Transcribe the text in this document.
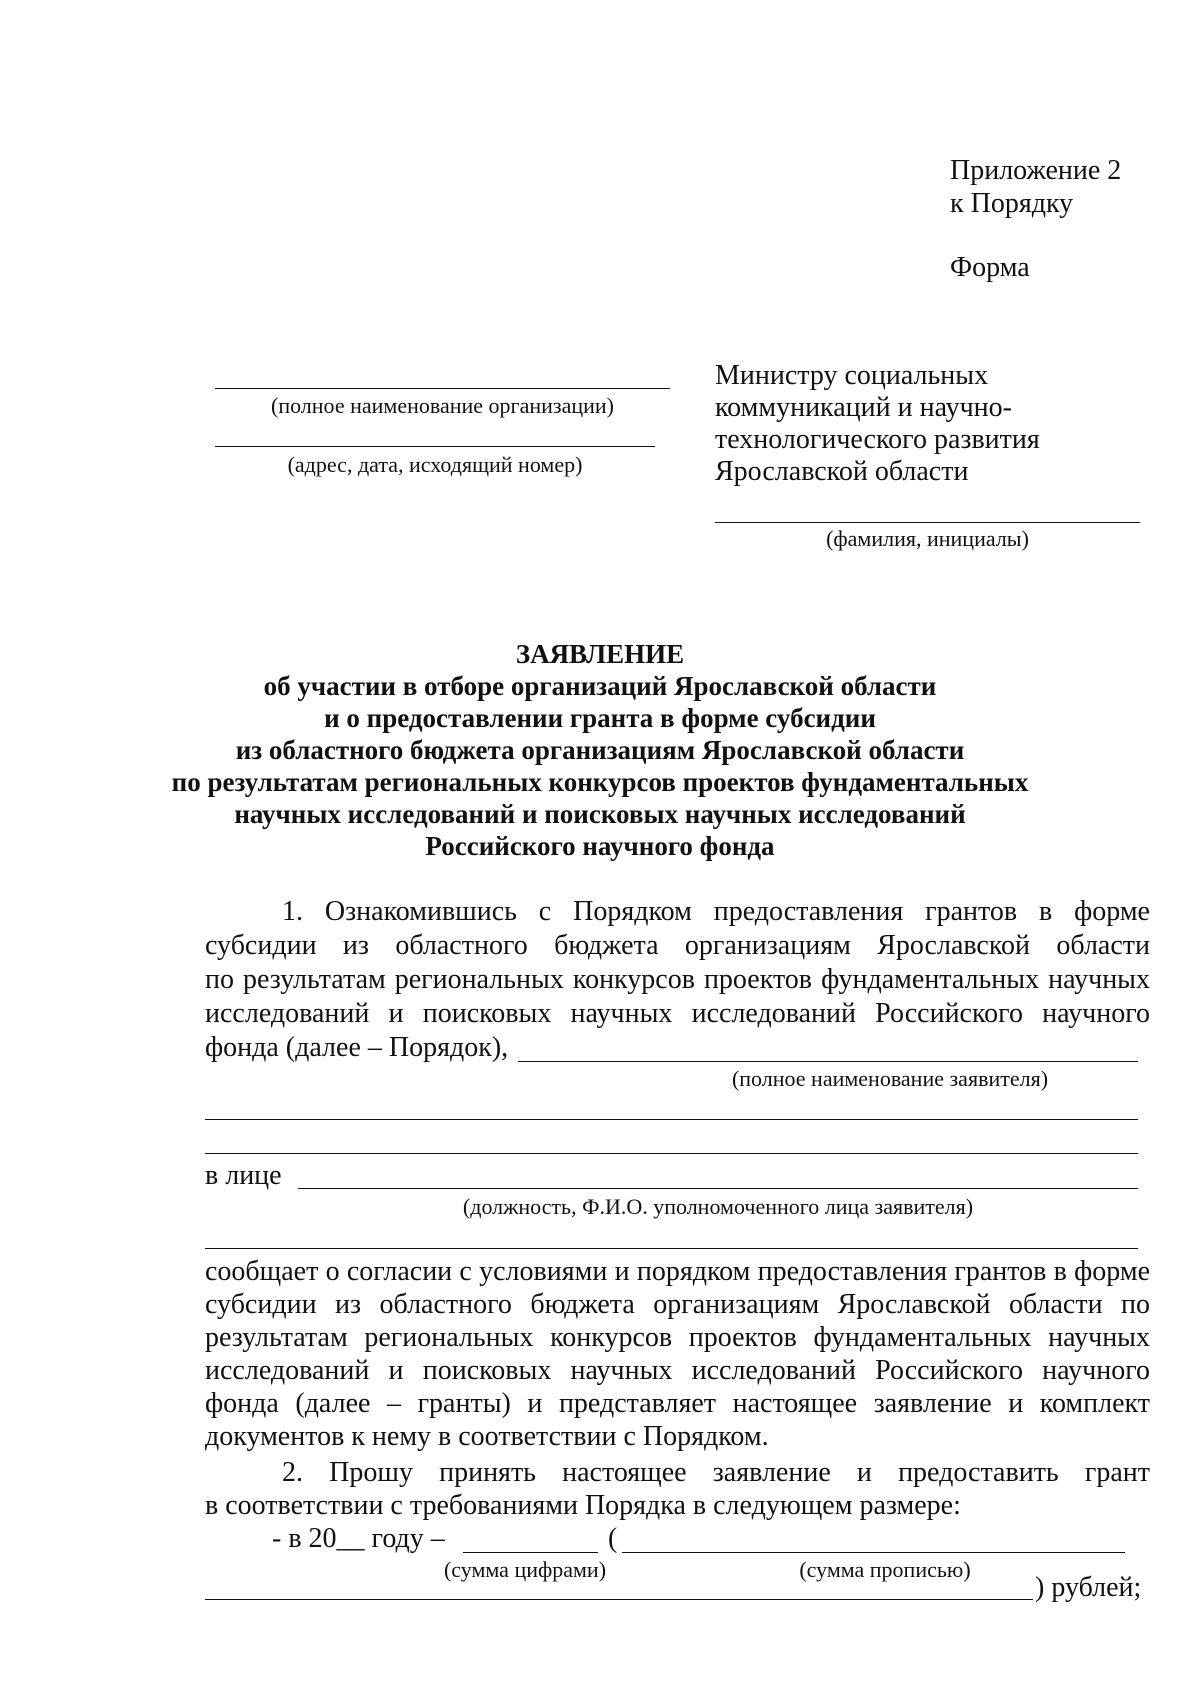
Приложение 2
к Порядку
Форма
(полное наименование организации)
(адрес, дата, исходящий номер)
Министру социальных
коммуникаций и научно-
технологического развития
Ярославской области
(фамилия, инициалы)
ЗАЯВЛЕНИЕ
об участии в отборе организаций Ярославской области
и о предоставлении гранта в форме субсидии
из областного бюджета организациям Ярославской области
по результатам региональных конкурсов проектов фундаментальных
научных исследований и поисковых научных исследований
Российского научного фонда
1. Ознакомившись с Порядком предоставления грантов в форме
субсидии из областного бюджета организациям Ярославской области
по результатам региональных конкурсов проектов фундаментальных научных
исследований и поисковых научных исследований Российского научного
фонда (далее – Порядок),
(полное наименование заявителя)
в лице
(должность, Ф.И.О. уполномоченного лица заявителя)
сообщает о согласии с условиями и порядком предоставления грантов в форме
субсидии из областного бюджета организациям Ярославской области по
результатам региональных конкурсов проектов фундаментальных научных
исследований и поисковых научных исследований Российского научного
фонда (далее – гранты) и представляет настоящее заявление и комплект
документов к нему в соответствии с Порядком.
2. Прошу принять настоящее заявление и предоставить грант
в соответствии с требованиями Порядка в следующем размере:
- в 20__ году –	(
(сумма цифрами)	(сумма прописью)
) рублей;
